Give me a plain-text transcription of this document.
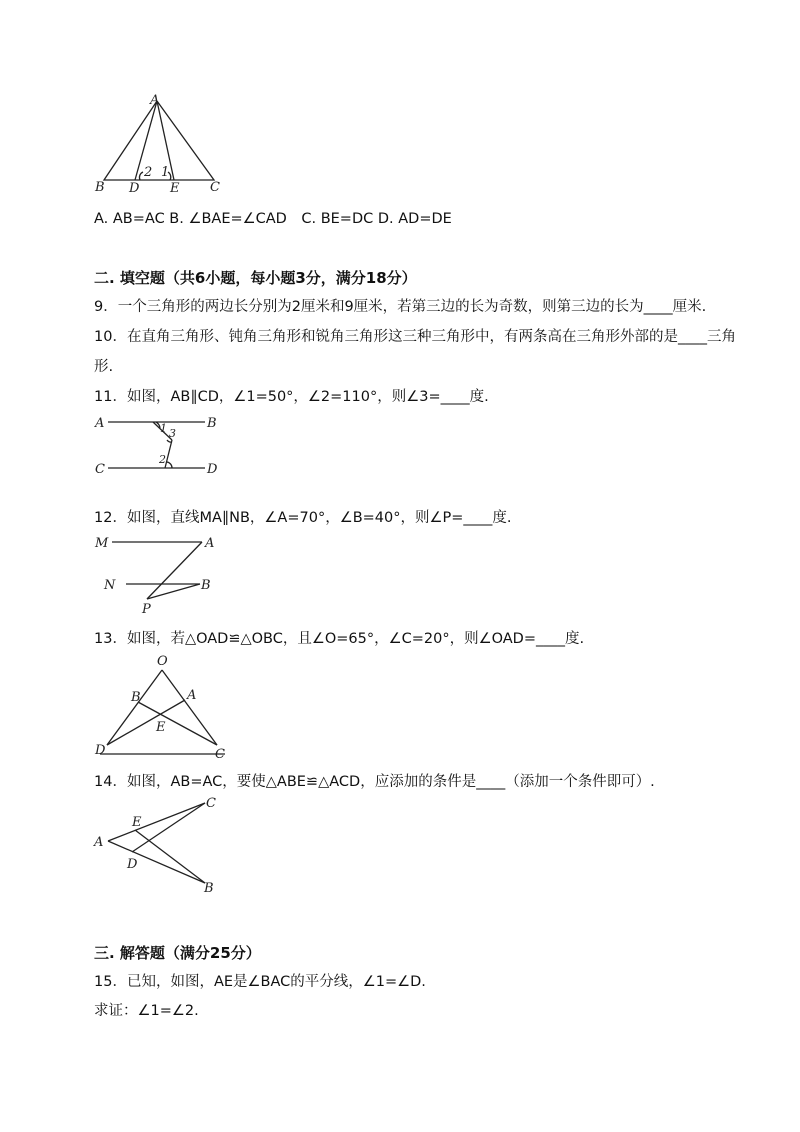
A
B D E C
2 1

A. AB=AC B. ∠BAE=∠CAD　C. BE=DC D. AD=DE

二. 填空题（共6小题，每小题3分，满分18分）

9．一个三角形的两边长分别为2厘米和9厘米，若第三边的长为奇数，则第三边的长为____厘米.

10．在直角三角形、钝角三角形和锐角三角形这三种三角形中，有两条高在三角形外部的是____三角

形.

11．如图，AB∥CD，∠1=50°，∠2=110°，则∠3=____度.

A	B
C	D
1 3
2

12．如图，直线MA∥NB，∠A=70°，∠B=40°，则∠P=____度.

M	A
N	B
P

13．如图，若△OAD≌△OBC，且∠O=65°，∠C=20°，则∠OAD=____度.

O
B	A
E
D	C

14．如图，AB=AC，要使△ABE≌△ACD，应添加的条件是____（添加一个条件即可）.

E
C
A
D
B

三. 解答题（满分25分）

15．已知，如图，AE是∠BAC的平分线，∠1=∠D.

求证：∠1=∠2.
